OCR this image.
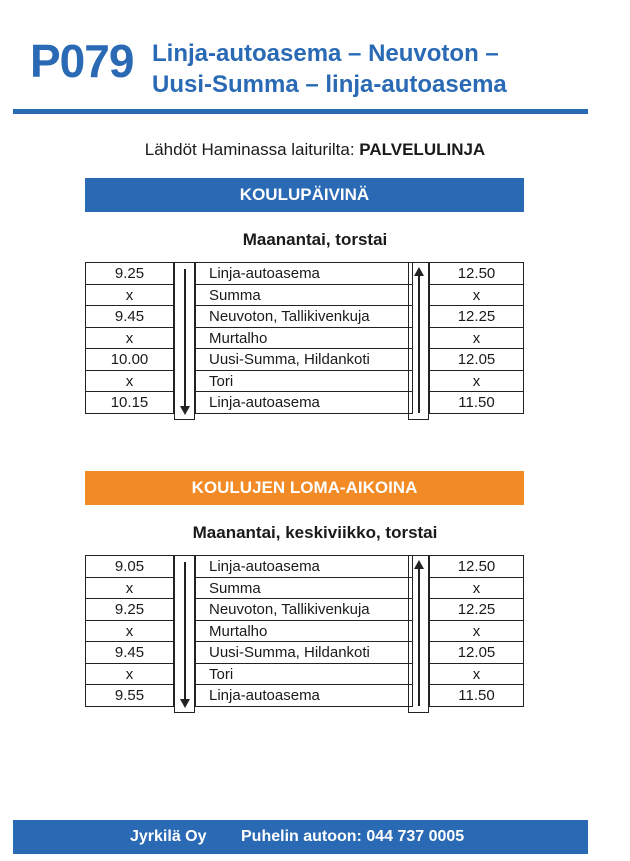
P079 Linja-autoasema – Neuvoton –
Uusi-Summa – linja-autoasema
Lähdöt Haminassa laiturilta: PALVELULINJA
KOULUPÄIVINÄ
Maanantai, torstai
9.25
x
9.45
x
10.00
x
10.15
Linja-autoasema
Summa
Neuvoton, Tallikivenkuja
Murtalho
Uusi-Summa, Hildankoti
Tori
Linja-autoasema
12.50
x
12.25
x
12.05
x
11.50
KOULUJEN LOMA-AIKOINA
Maanantai, keskiviikko, torstai
9.05
x
9.25
x
9.45
x
9.55
Linja-autoasema
Summa
Neuvoton, Tallikivenkuja
Murtalho
Uusi-Summa, Hildankoti
Tori
Linja-autoasema
12.50
x
12.25
x
12.05
x
11.50
Jyrkilä Oy Puhelin autoon: 044 737 0005
